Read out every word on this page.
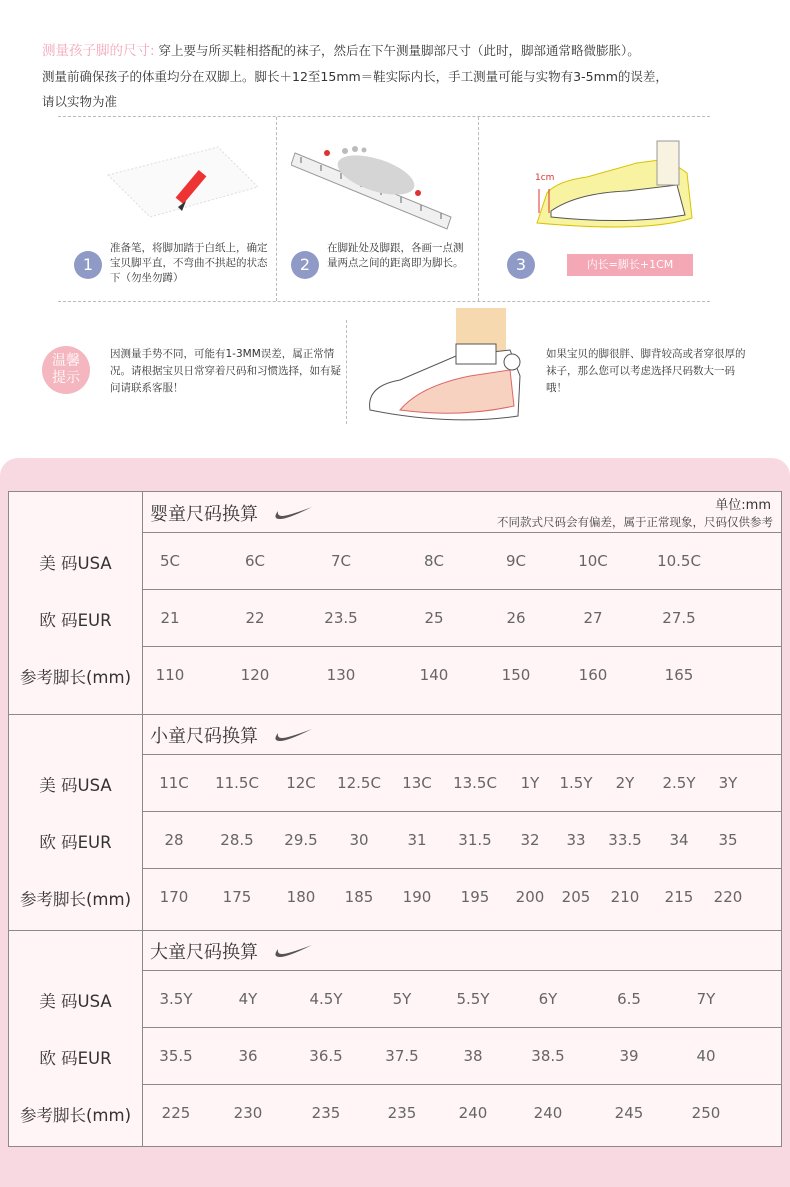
测量孩子脚的尺寸: 穿上要与所买鞋相搭配的袜子，然后在下午测量脚部尺寸（此时，脚部通常略微膨胀）。
测量前确保孩子的体重均分在双脚上。脚长＋12至15mm＝鞋实际内长，手工测量可能与实物有3-5mm的误差，
请以实物为准
1
准备笔，将脚加踏于白纸上，确定宝贝脚平直，不弯曲不拱起的状态下（勿坐勿蹲）
2
在脚趾处及脚跟，各画一点测量两点之间的距离即为脚长。
1cm
3	内长=脚长+1CM
温馨
提示
因测量手势不同，可能有1-3MM误差，属正常情况。请根据宝贝日常穿着尺码和习惯选择，如有疑问请联系客服！
如果宝贝的脚很胖、脚背较高或者穿很厚的袜子，那么您可以考虑选择尺码数大一码哦！
单位:mm
不同款式尺码会有偏差，属于正常现象，尺码仅供参考
婴童尺码换算
美 码USA	5C	6C	7C	8C	9C	10C	10.5C
欧 码EUR	21	22	23.5	25	26	27	27.5
参考脚长(mm)	110	120	130	140	150	160	165
小童尺码换算
美 码USA	11C 11.5C 12C 12.5C 13C 13.5C 1Y 1.5Y 2Y 2.5Y 3Y
欧 码EUR	28 28.5 29.5 30	31 31.5 32 33 33.5 34 35
参考脚长(mm)	170 175 180 185 190 195 200 205 210 215 220
大童尺码换算
美 码USA	3.5Y	4Y	4.5Y	5Y	5.5Y	6Y	6.5	7Y
欧 码EUR	35.5	36	36.5	37.5	38	38.5	39	40
参考脚长(mm)	225	230	235	235	240	240	245	250
